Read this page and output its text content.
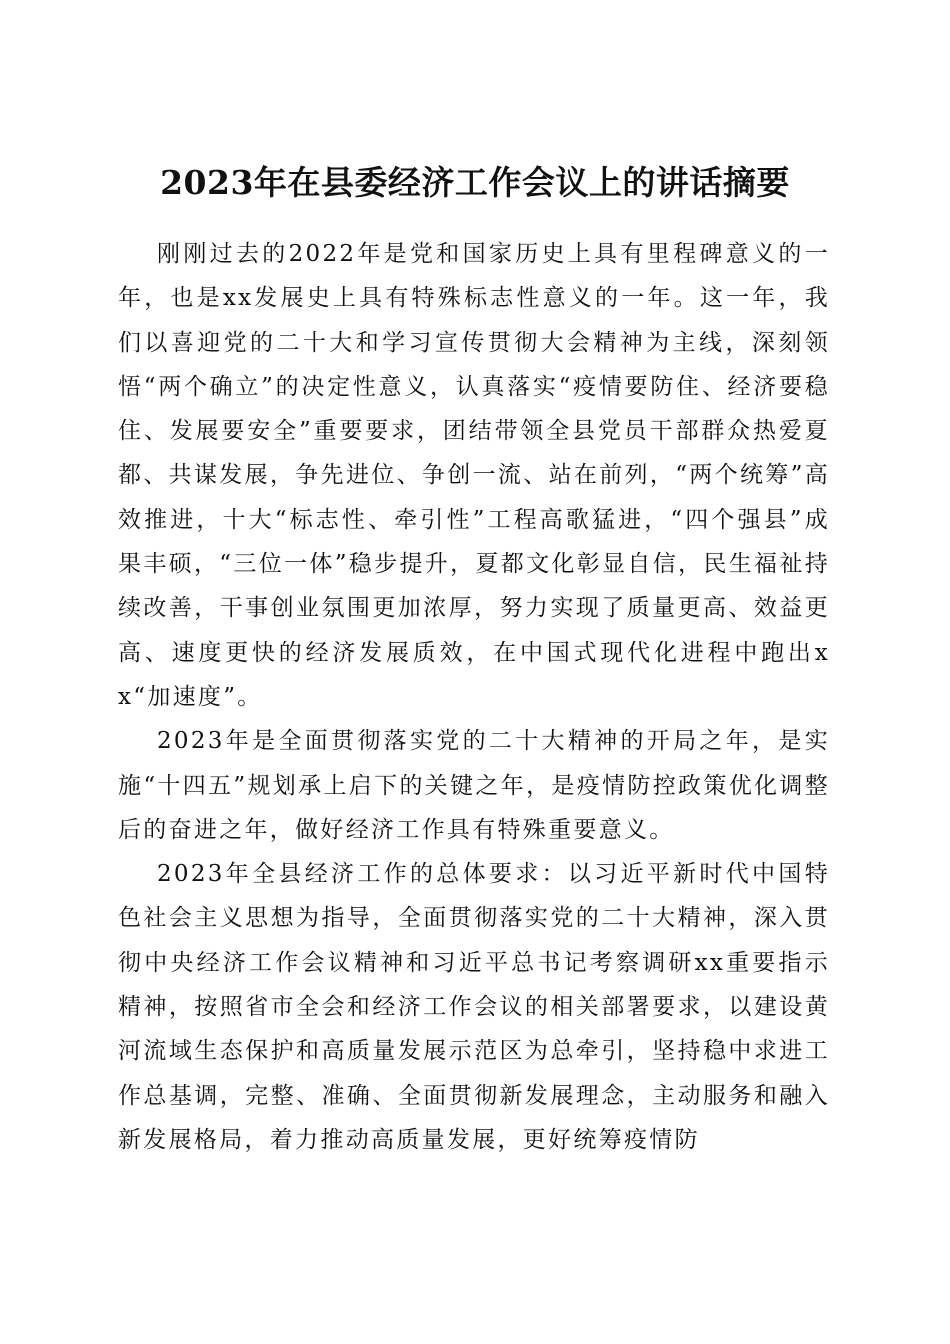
2023年在县委经济工作会议上的讲话摘要

刚刚过去的2022年是党和国家历史上具有里程碑意义的一年，也是xx发展史上具有特殊标志性意义的一年。这一年，我们以喜迎党的二十大和学习宣传贯彻大会精神为主线，深刻领悟“两个确立”的决定性意义，认真落实“疫情要防住、经济要稳住、发展要安全”重要要求，团结带领全县党员干部群众热爱夏都、共谋发展，争先进位、争创一流、站在前列，“两个统筹”高效推进，十大“标志性、牵引性”工程高歌猛进，“四个强县”成果丰硕，“三位一体”稳步提升，夏都文化彰显自信，民生福祉持续改善，干事创业氛围更加浓厚，努力实现了质量更高、效益更高、速度更快的经济发展质效，在中国式现代化进程中跑出xx“加速度”。

2023年是全面贯彻落实党的二十大精神的开局之年，是实施“十四五”规划承上启下的关键之年，是疫情防控政策优化调整后的奋进之年，做好经济工作具有特殊重要意义。

2023年全县经济工作的总体要求：以习近平新时代中国特色社会主义思想为指导，全面贯彻落实党的二十大精神，深入贯彻中央经济工作会议精神和习近平总书记考察调研xx重要指示精神，按照省市全会和经济工作会议的相关部署要求，以建设黄河流域生态保护和高质量发展示范区为总牵引，坚持稳中求进工作总基调，完整、准确、全面贯彻新发展理念，主动服务和融入新发展格局，着力推动高质量发展，更好统筹疫情防
